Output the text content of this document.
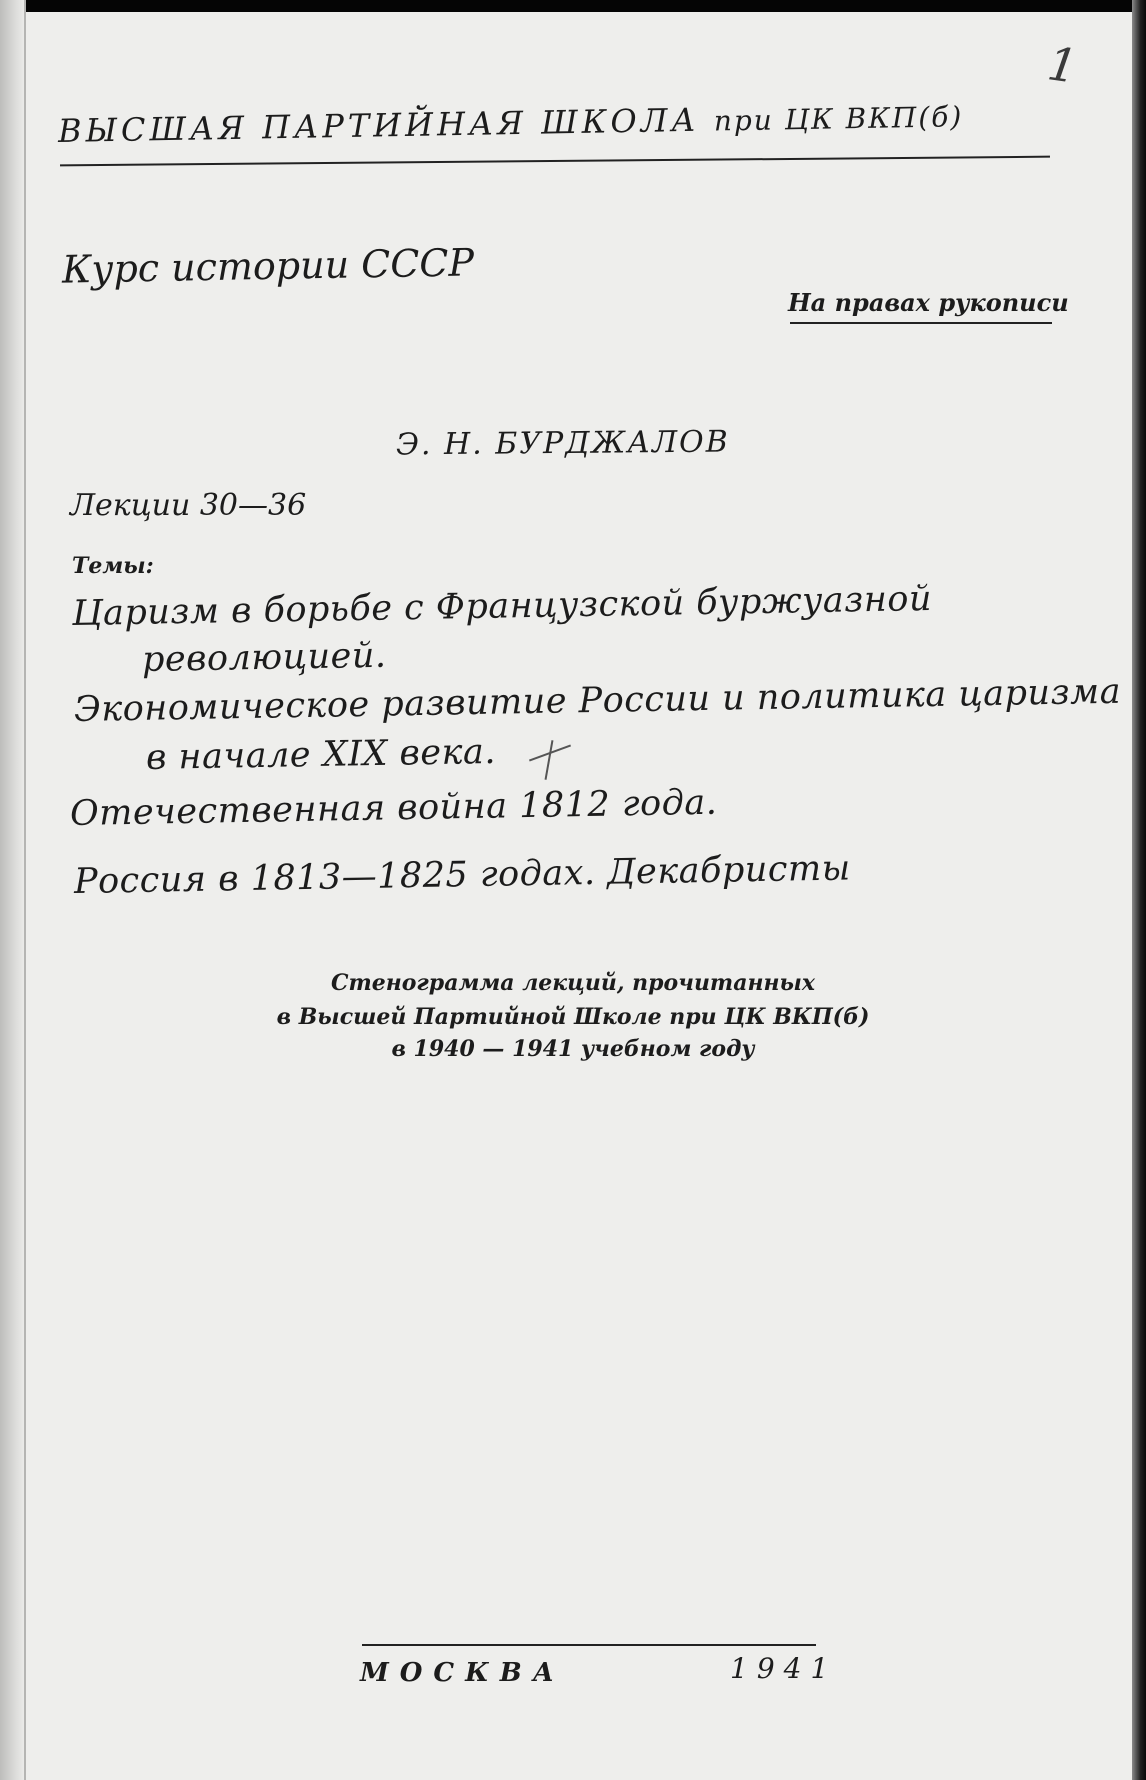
1
ВЫСШАЯ ПАРТИЙНАЯ ШКОЛА при ЦК ВКП(б)
Курс истории СССР
На правах рукописи
Э. Н. БУРДЖАЛОВ
Лекции 30—36
Темы:
Царизм в борьбе с Французской буржуазной
революцией.
Экономическое развитие России и политика царизма
в начале XIX века.
Отечественная война 1812 года.
Россия в 1813—1825 годах. Декабристы
Стенограмма лекций, прочитанных
в Высшей Партийной Школе при ЦК ВКП(б)
в 1940 — 1941 учебном году
МОСКВА	1941
